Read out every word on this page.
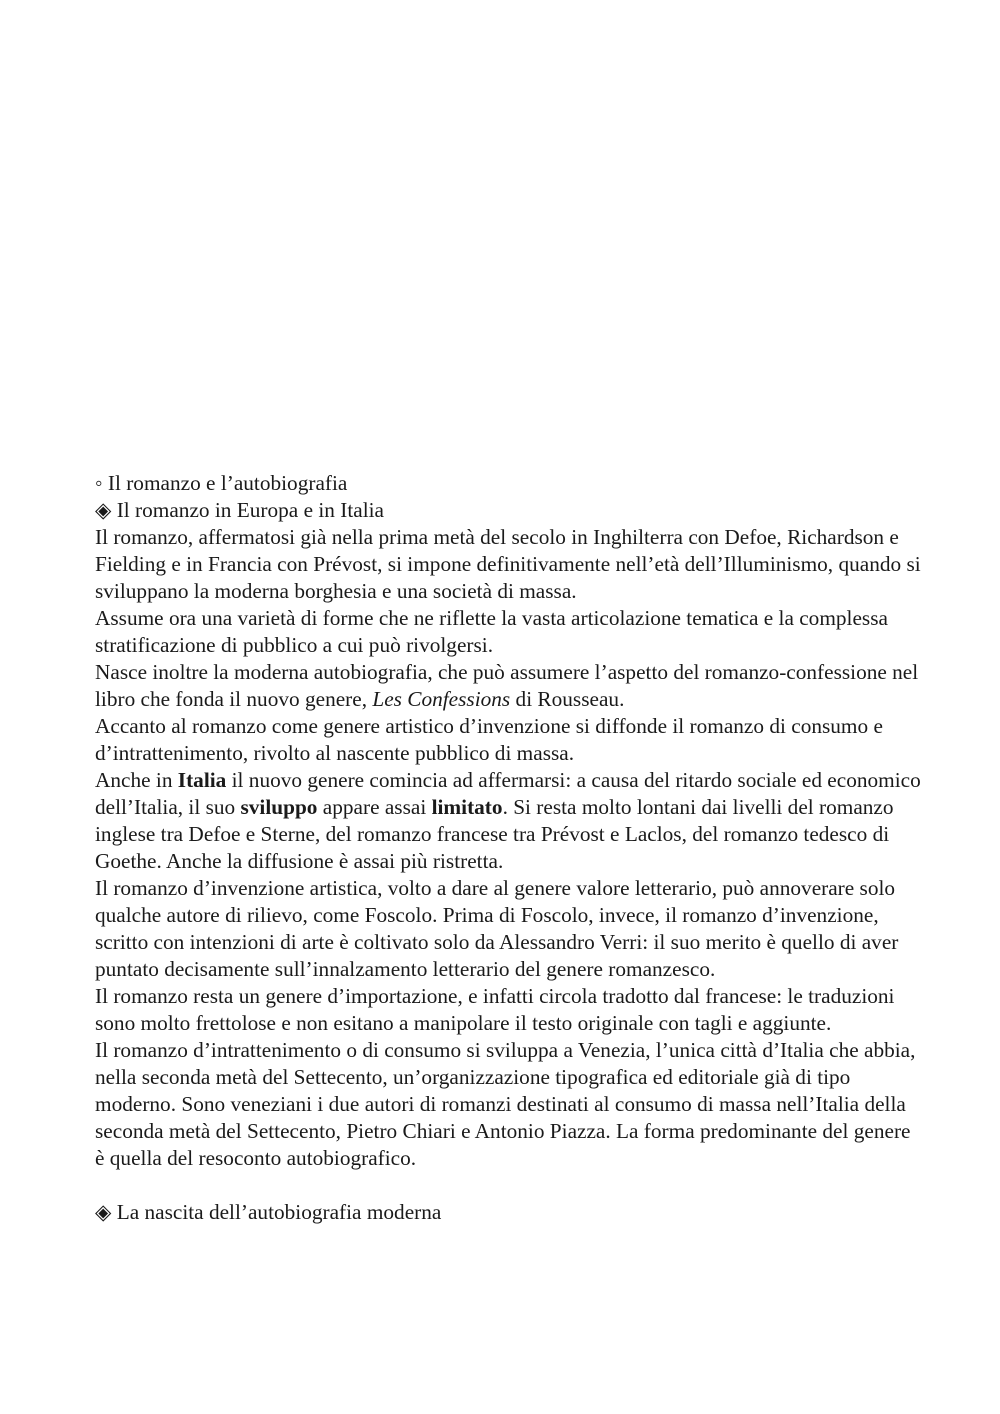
◦ Il romanzo e l’autobiografia

◈ Il romanzo in Europa e in Italia

Il romanzo, affermatosi già nella prima metà del secolo in Inghilterra con Defoe, Richardson e Fielding e in Francia con Prévost, si impone definitivamente nell’età dell’Illuminismo, quando si sviluppano la moderna borghesia e una società di massa.

Assume ora una varietà di forme che ne riflette la vasta articolazione tematica e la complessa stratificazione di pubblico a cui può rivolgersi.

Nasce inoltre la moderna autobiografia, che può assumere l’aspetto del romanzo-confessione nel libro che fonda il nuovo genere, Les Confessions di Rousseau.

Accanto al romanzo come genere artistico d’invenzione si diffonde il romanzo di consumo e d’intrattenimento, rivolto al nascente pubblico di massa.

Anche in Italia il nuovo genere comincia ad affermarsi: a causa del ritardo sociale ed economico dell’Italia, il suo sviluppo appare assai limitato. Si resta molto lontani dai livelli del romanzo inglese tra Defoe e Sterne, del romanzo francese tra Prévost e Laclos, del romanzo tedesco di Goethe. Anche la diffusione è assai più ristretta.

Il romanzo d’invenzione artistica, volto a dare al genere valore letterario, può annoverare solo qualche autore di rilievo, come Foscolo. Prima di Foscolo, invece, il romanzo d’invenzione, scritto con intenzioni di arte è coltivato solo da Alessandro Verri: il suo merito è quello di aver puntato decisamente sull’innalzamento letterario del genere romanzesco.

Il romanzo resta un genere d’importazione, e infatti circola tradotto dal francese: le traduzioni sono molto frettolose e non esitano a manipolare il testo originale con tagli e aggiunte.

Il romanzo d’intrattenimento o di consumo si sviluppa a Venezia, l’unica città d’Italia che abbia, nella seconda metà del Settecento, un’organizzazione tipografica ed editoriale già di tipo moderno. Sono veneziani i due autori di romanzi destinati al consumo di massa nell’Italia della seconda metà del Settecento, Pietro Chiari e Antonio Piazza. La forma predominante del genere è quella del resoconto autobiografico.

◈ La nascita dell’autobiografia moderna
